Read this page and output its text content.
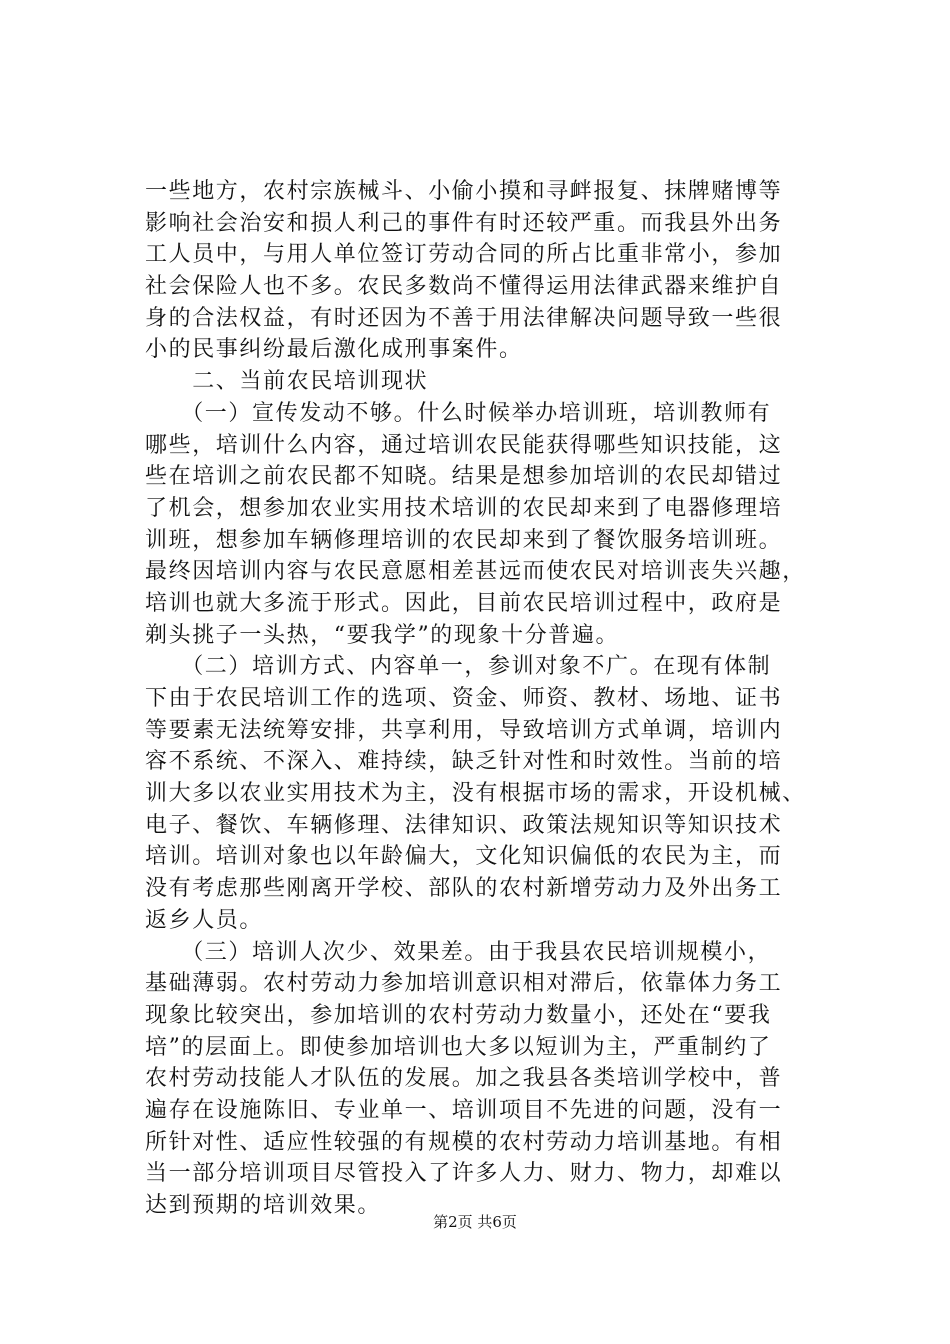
一些地方，农村宗族械斗、小偷小摸和寻衅报复、抹牌赌博等
影响社会治安和损人利己的事件有时还较严重。而我县外出务
工人员中，与用人单位签订劳动合同的所占比重非常小，参加
社会保险人也不多。农民多数尚不懂得运用法律武器来维护自
身的合法权益，有时还因为不善于用法律解决问题导致一些很
小的民事纠纷最后激化成刑事案件。
　　二、当前农民培训现状
　　（一）宣传发动不够。什么时候举办培训班，培训教师有
哪些，培训什么内容，通过培训农民能获得哪些知识技能，这
些在培训之前农民都不知晓。结果是想参加培训的农民却错过
了机会，想参加农业实用技术培训的农民却来到了电器修理培
训班，想参加车辆修理培训的农民却来到了餐饮服务培训班。
最终因培训内容与农民意愿相差甚远而使农民对培训丧失兴趣，
培训也就大多流于形式。因此，目前农民培训过程中，政府是
剃头挑子一头热，“要我学”的现象十分普遍。
　　（二）培训方式、内容单一，参训对象不广。在现有体制
下由于农民培训工作的选项、资金、师资、教材、场地、证书
等要素无法统筹安排，共享利用，导致培训方式单调，培训内
容不系统、不深入、难持续，缺乏针对性和时效性。当前的培
训大多以农业实用技术为主，没有根据市场的需求，开设机械、
电子、餐饮、车辆修理、法律知识、政策法规知识等知识技术
培训。培训对象也以年龄偏大，文化知识偏低的农民为主，而
没有考虑那些刚离开学校、部队的农村新增劳动力及外出务工
返乡人员。
　　（三）培训人次少、效果差。由于我县农民培训规模小，
基础薄弱。农村劳动力参加培训意识相对滞后，依靠体力务工
现象比较突出，参加培训的农村劳动力数量小，还处在“要我
培”的层面上。即使参加培训也大多以短训为主，严重制约了
农村劳动技能人才队伍的发展。加之我县各类培训学校中，普
遍存在设施陈旧、专业单一、培训项目不先进的问题，没有一
所针对性、适应性较强的有规模的农村劳动力培训基地。有相
当一部分培训项目尽管投入了许多人力、财力、物力，却难以
达到预期的培训效果。
第2页 共6页
